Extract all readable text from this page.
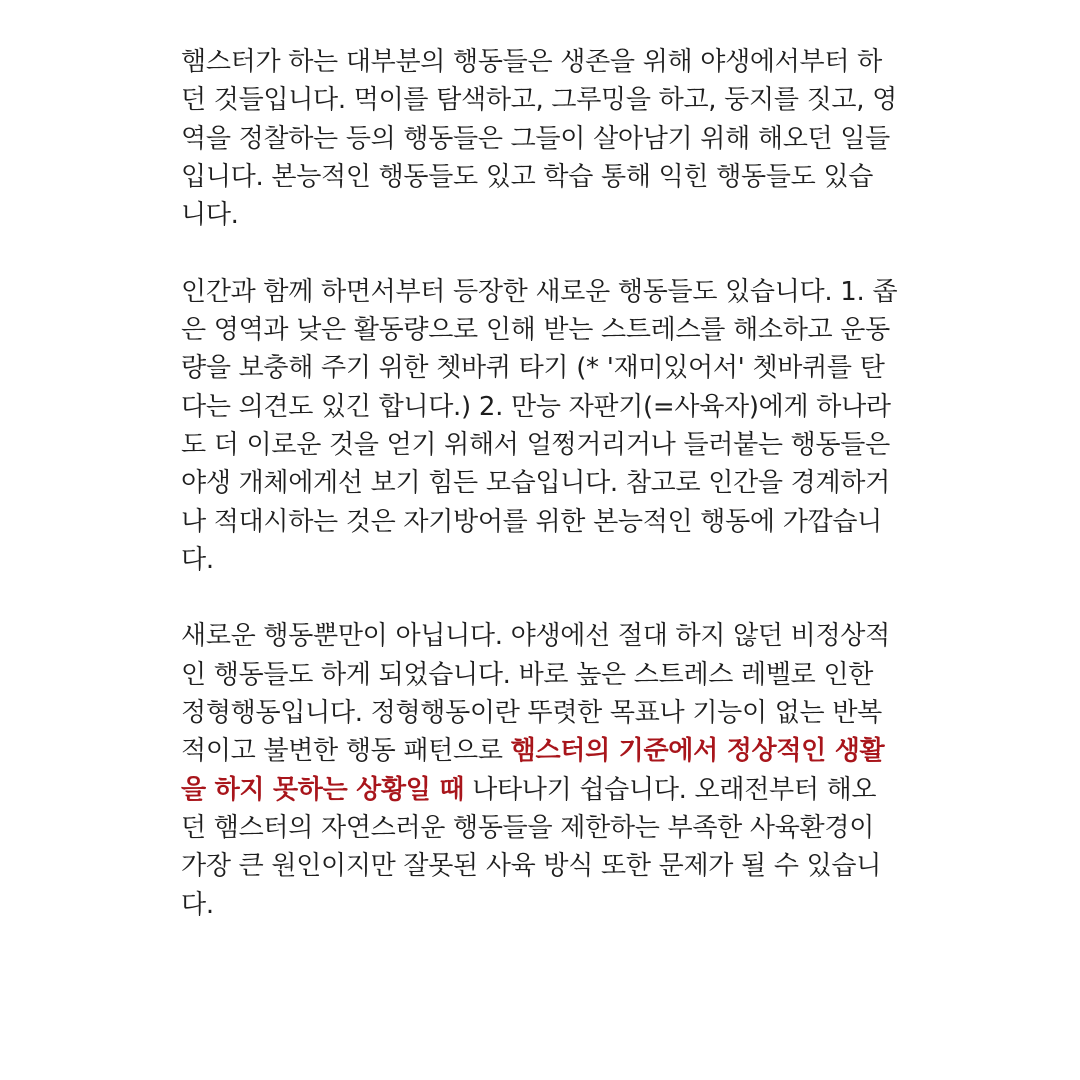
햄스터가 하는 대부분의 행동들은 생존을 위해 야생에서부터 하
던 것들입니다. 먹이를 탐색하고, 그루밍을 하고, 둥지를 짓고, 영
역을 정찰하는 등의 행동들은 그들이 살아남기 위해 해오던 일들
입니다. 본능적인 행동들도 있고 학습 통해 익힌 행동들도 있습
니다.

인간과 함께 하면서부터 등장한 새로운 행동들도 있습니다. 1. 좁
은 영역과 낮은 활동량으로 인해 받는 스트레스를 해소하고 운동
량을 보충해 주기 위한 쳇바퀴 타기 (* '재미있어서' 쳇바퀴를 탄
다는 의견도 있긴 합니다.) 2. 만능 자판기(=사육자)에게 하나라
도 더 이로운 것을 얻기 위해서 얼쩡거리거나 들러붙는 행동들은
야생 개체에게선 보기 힘든 모습입니다. 참고로 인간을 경계하거
나 적대시하는 것은 자기방어를 위한 본능적인 행동에 가깝습니
다.

새로운 행동뿐만이 아닙니다. 야생에선 절대 하지 않던 비정상적
인 행동들도 하게 되었습니다. 바로 높은 스트레스 레벨로 인한
정형행동입니다. 정형행동이란 뚜렷한 목표나 기능이 없는 반복
적이고 불변한 행동 패턴으로 햄스터의 기준에서 정상적인 생활
을 하지 못하는 상황일 때 나타나기 쉽습니다. 오래전부터 해오
던 햄스터의 자연스러운 행동들을 제한하는 부족한 사육환경이
가장 큰 원인이지만 잘못된 사육 방식 또한 문제가 될 수 있습니
다.
